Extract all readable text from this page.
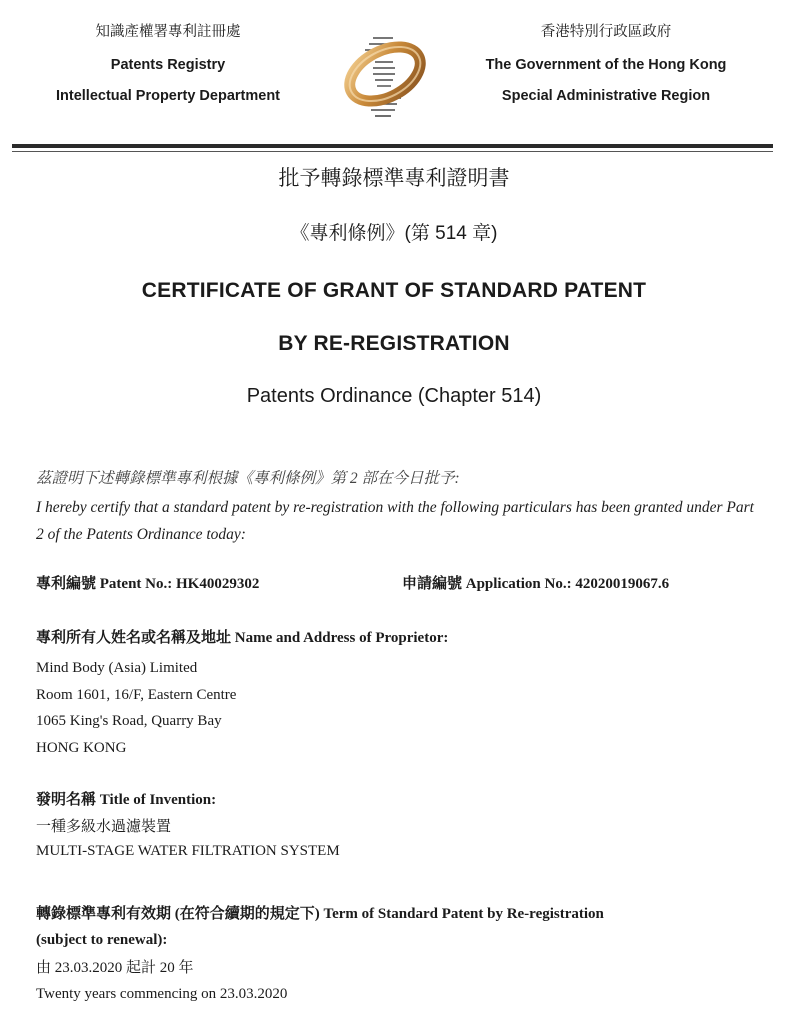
知識產權署專利註冊處
Patents Registry
Intellectual Property Department
香港特別行政區政府
The Government of the Hong Kong
Special Administrative Region
批予轉錄標準專利證明書
《專利條例》(第 514 章)
CERTIFICATE OF GRANT OF STANDARD PATENT
BY RE-REGISTRATION
Patents Ordinance (Chapter 514)
茲證明下述轉錄標準專利根據《專利條例》第 2 部在今日批予:
I hereby certify that a standard patent by re-registration with the following particulars has been granted under Part 2 of the Patents Ordinance today:
專利編號 Patent No.: HK40029302	申請編號 Application No.: 42020019067.6
專利所有人姓名或名稱及地址 Name and Address of Proprietor:
Mind Body (Asia) Limited
Room 1601, 16/F, Eastern Centre
1065 King's Road, Quarry Bay
HONG KONG
發明名稱 Title of Invention:
一種多級水過濾裝置
MULTI-STAGE WATER FILTRATION SYSTEM
轉錄標準專利有效期 (在符合續期的規定下) Term of Standard Patent by Re-registration
(subject to renewal):
由 23.03.2020 起計 20 年
Twenty years commencing on 23.03.2020
